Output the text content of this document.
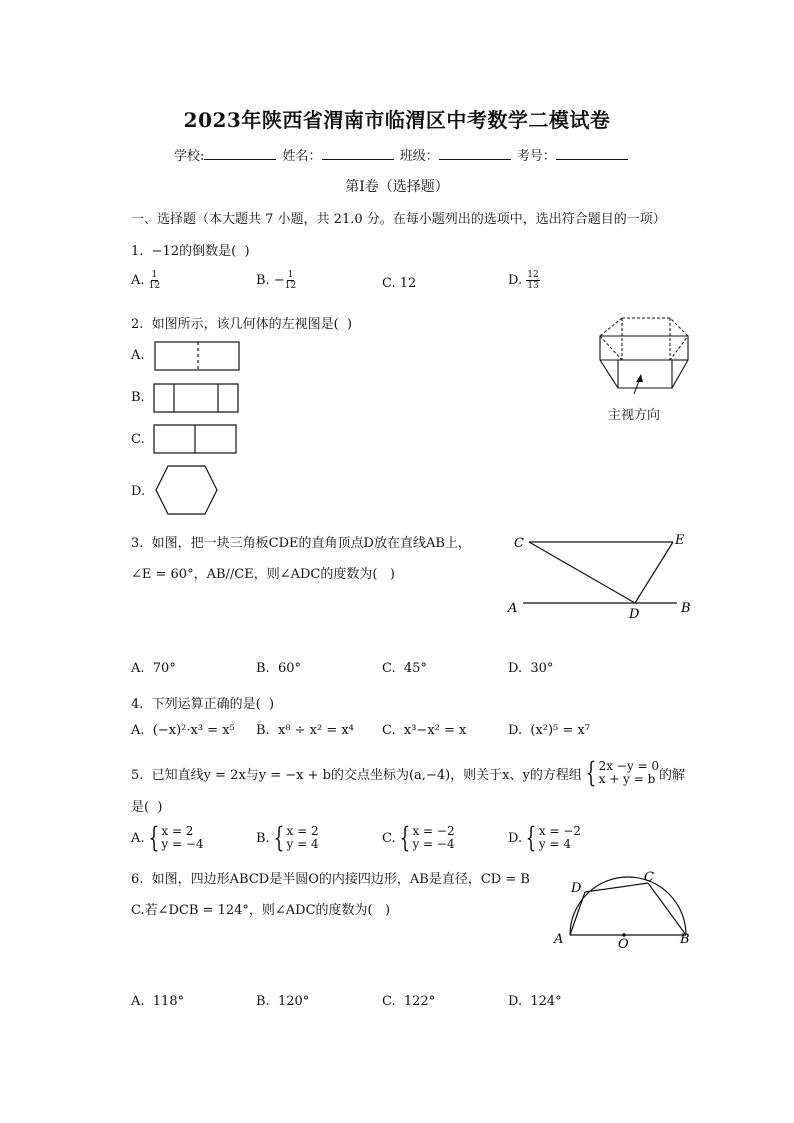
2023年陕西省渭南市临渭区中考数学二模试卷
学校:	姓名：	班级：	考号：
第Ⅰ卷（选择题）
一、选择题（本大题共 7 小题，共 21.0 分。在每小题列出的选项中，选出符合题目的一项）
1.  −12的倒数是(  )
A. $\frac{1}{12}$	B. − $\frac{1}{12}$	C. 12	D. $\frac{12}{13}$
2.  如图所示，该几何体的左视图是(  )
A.
B.
C.
D.
主视方向
3.  如图，把一块三角板CDE的直角顶点D放在直线AB上，
∠E = 60°，AB//CE，则∠ADC的度数为(   )
C	E
A	D	B
A.  70°	B.  60°	C.  45°	D.  30°
4.  下列运算正确的是(  )
A.  (−x)²·x³ = x⁵ B.  x⁸ ÷ x² = x⁴ C.  x³−x² = x	D.  (x²)⁵ = x⁷
5.  已知直线y = 2x与y = −x + b的交点坐标为(a,−4)，则关于x、y的方程组 { 2x −y = 0
x + y = b 的解
是(  )
A. { x = 2
y = −4	B. { x = 2
y = 4	C. { x = −2
y = −4	D. { x = −2
y = 4
6.  如图，四边形ABCD是半圆O的内接四边形，AB是直径，CD = B
C.若∠DCB = 124°，则∠ADC的度数为(   )
D
C
A	O	B
A.  118°	B.  120°	C.  122°	D.  124°
